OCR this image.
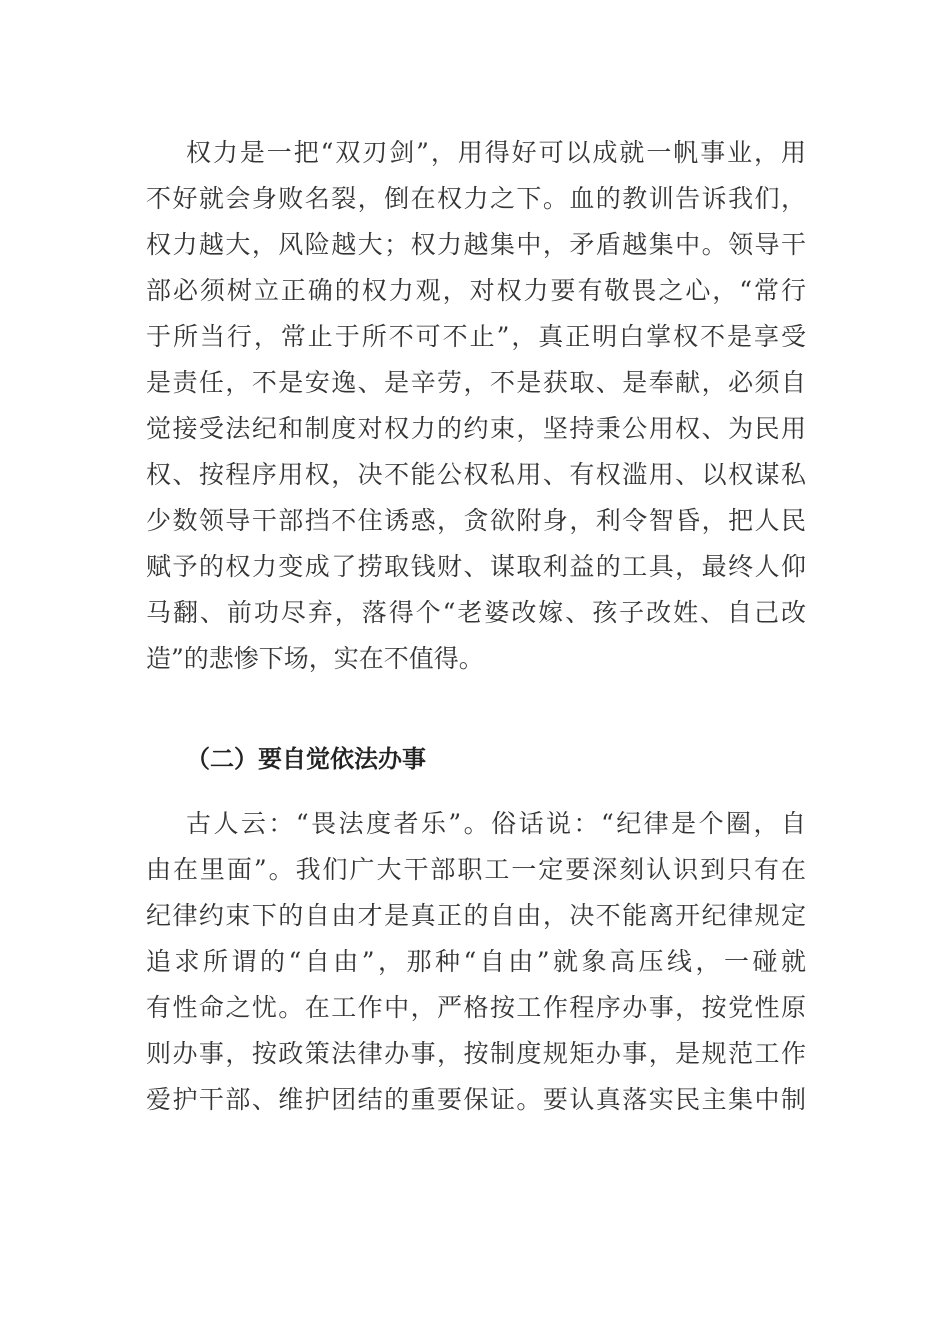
权力是一把“双刃剑”，用得好可以成就一帆事业，用
不好就会身败名裂，倒在权力之下。血的教训告诉我们，
权力越大，风险越大；权力越集中，矛盾越集中。领导干
部必须树立正确的权力观，对权力要有敬畏之心，“常行
于所当行，常止于所不可不止”，真正明白掌权不是享受
是责任，不是安逸、是辛劳，不是获取、是奉献，必须自
觉接受法纪和制度对权力的约束，坚持秉公用权、为民用
权、按程序用权，决不能公权私用、有权滥用、以权谋私
少数领导干部挡不住诱惑，贪欲附身，利令智昏，把人民
赋予的权力变成了捞取钱财、谋取利益的工具，最终人仰
马翻、前功尽弃，落得个“老婆改嫁、孩子改姓、自己改
造”的悲惨下场，实在不值得。
（二）要自觉依法办事
古人云：“畏法度者乐”。俗话说：“纪律是个圈，自
由在里面”。我们广大干部职工一定要深刻认识到只有在
纪律约束下的自由才是真正的自由，决不能离开纪律规定
追求所谓的“自由”，那种“自由”就象高压线，一碰就
有性命之忧。在工作中，严格按工作程序办事，按党性原
则办事，按政策法律办事，按制度规矩办事，是规范工作
爱护干部、维护团结的重要保证。要认真落实民主集中制
